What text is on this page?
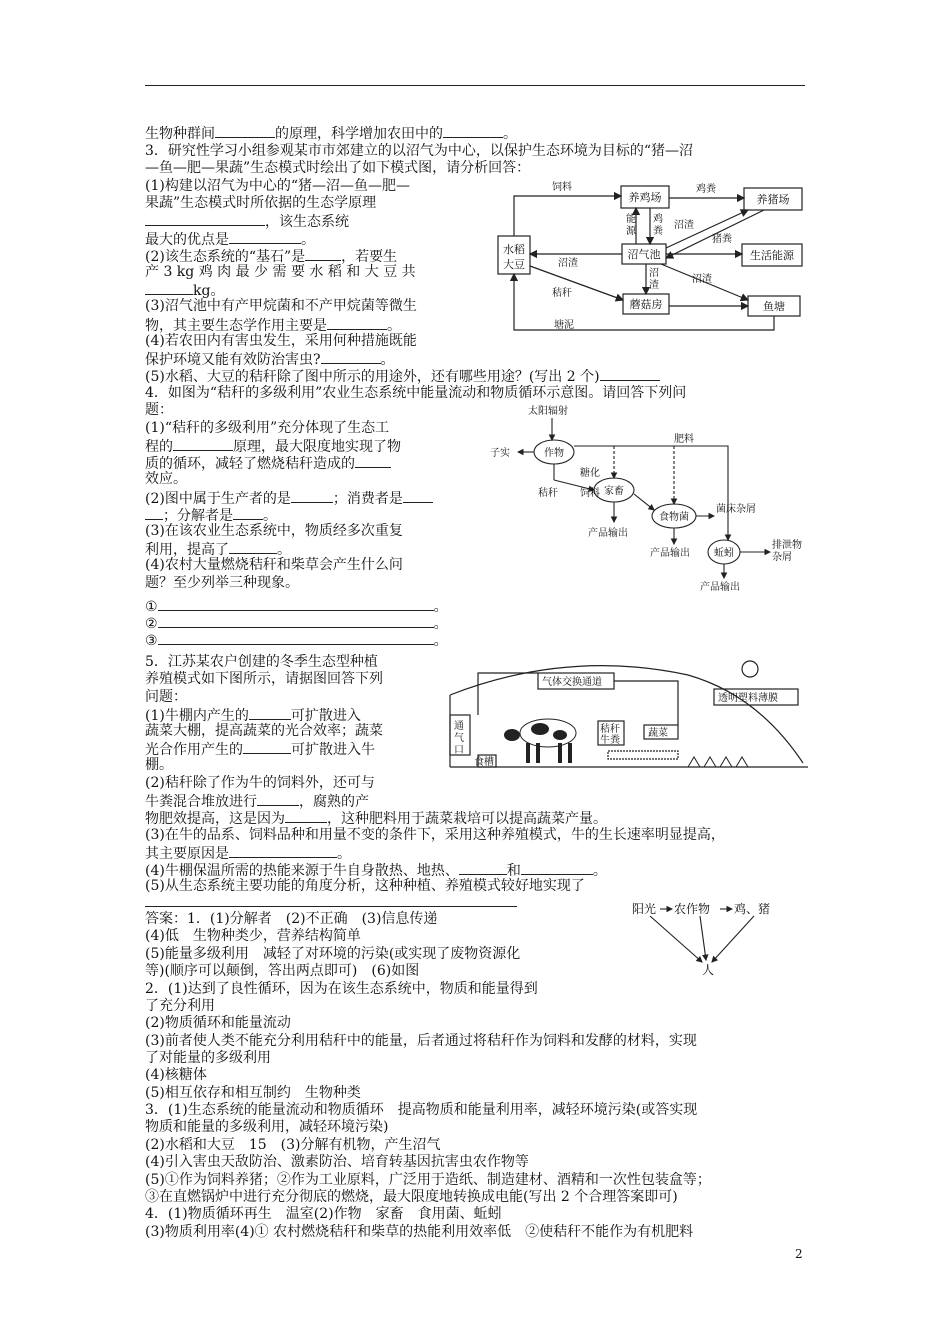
生物种群间	的原理，科学增加农田中的	。
3．研究性学习小组参观某市市郊建立的以沼气为中心，以保护生态环境为目标的“猪—沼
—鱼—肥—果蔬”生态模式时绘出了如下模式图，请分析回答：
(1)构建以沼气为中心的“猪—沼—鱼—肥—
果蔬”生态模式时所依据的生态学原理
，该生态系统
最大的优点是	。
(2)该生态系统的“基石”是	，若要生
产 3 kg 鸡 肉 最 少 需 要 水 稻 和 大 豆 共
kg。
(3)沼气池中有产甲烷菌和不产甲烷菌等微生
物，其主要生态学作用主要是	。
(4)若农田内有害虫发生，采用何种措施既能
保护环境又能有效防治害虫?	。
(5)水稻、大豆的秸秆除了图中所示的用途外，还有哪些用途？(写出 2 个)
4．如图为“秸秆的多级利用”农业生态系统中能量流动和物质循环示意图。请回答下列问
题：
(1)“秸秆的多级利用”充分体现了生态工
程的	原理，最大限度地实现了物
质的循环，减轻了燃烧秸秆造成的
效应。
(2)图中属于生产者的是	；消费者是
；分解者是 。
(3)在该农业生态系统中，物质经多次重复
利用，提高了	。
(4)农村大量燃烧秸秆和柴草会产生什么问
题？至少列举三种现象。
①	。
②	。
③	。
5．江苏某农户创建的冬季生态型种植
养殖模式如下图所示，请据图回答下列
问题：
(1)牛棚内产生的	可扩散进入
蔬菜大棚，提高蔬菜的光合效率；蔬菜
光合作用产生的	可扩散进入牛
棚。
(2)秸秆除了作为牛的饲料外，还可与
牛粪混合堆放进行	，腐熟的产
物肥效提高，这是因为	，这种肥料用于蔬菜栽培可以提高蔬菜产量。
(3)在牛的品系、饲料品种和用量不变的条件下，采用这种养殖模式，牛的生长速率明显提高，
其主要原因是	。
(4)牛棚保温所需的热能来源于牛自身散热、地热、	和	。
(5)从生态系统主要功能的角度分析，这种种植、养殖模式较好地实现了
答案：1．(1)分解者　(2)不正确　(3)信息传递
(4)低　生物种类少，营养结构简单
(5)能量多级利用　减轻了对环境的污染(或实现了废物资源化
等)(顺序可以颠倒，答出两点即可)　(6)如图
2．(1)达到了良性循环，因为在该生态系统中，物质和能量得到
了充分利用
(2)物质循环和能量流动
(3)前者使人类不能充分利用秸秆中的能量，后者通过将秸秆作为饲料和发酵的材料，实现
了对能量的多级利用
(4)核糖体
(5)相互依存和相互制约　生物种类
3．(1)生态系统的能量流动和物质循环　提高物质和能量利用率，减轻环境污染(或答实现
物质和能量的多级利用，减轻环境污染)
(2)水稻和大豆　15　(3)分解有机物，产生沼气
(4)引入害虫天敌防治、激素防治、培育转基因抗害虫农作物等
(5)①作为饲料养猪；②作为工业原料，广泛用于造纸、制造建材、酒精和一次性包装盒等；
③在直燃锅炉中进行充分彻底的燃烧，最大限度地转换成电能(写出 2 个合理答案即可)
4．(1)物质循环再生　温室(2)作物　家畜　食用菌、蚯蚓
(3)物质利用率(4)① 农村燃烧秸秆和柴草的热能利用效率低　②使秸秆不能作为有机肥料
养鸡场	养猪场
水稻
大豆
沼气池	生活能源
蘑菇房	鱼塘
饲料	鸡粪
能
源
鸡
粪
沼渣
猪粪
沼渣
沼
渣
秸秆
沼渣
塘泥
太阳辐射
作物
子实
秸秆
糖化
饲料 家畜
肥料
食物菌
菌床杂屑
产品输出
产品输出 蚯蚓
排泄物
杂屑
产品输出
气体交换通道
透明塑料薄膜
通
气
口
秸秆
牛粪
蔬菜
食槽
阳光 农作物 鸡、猪
人
2
